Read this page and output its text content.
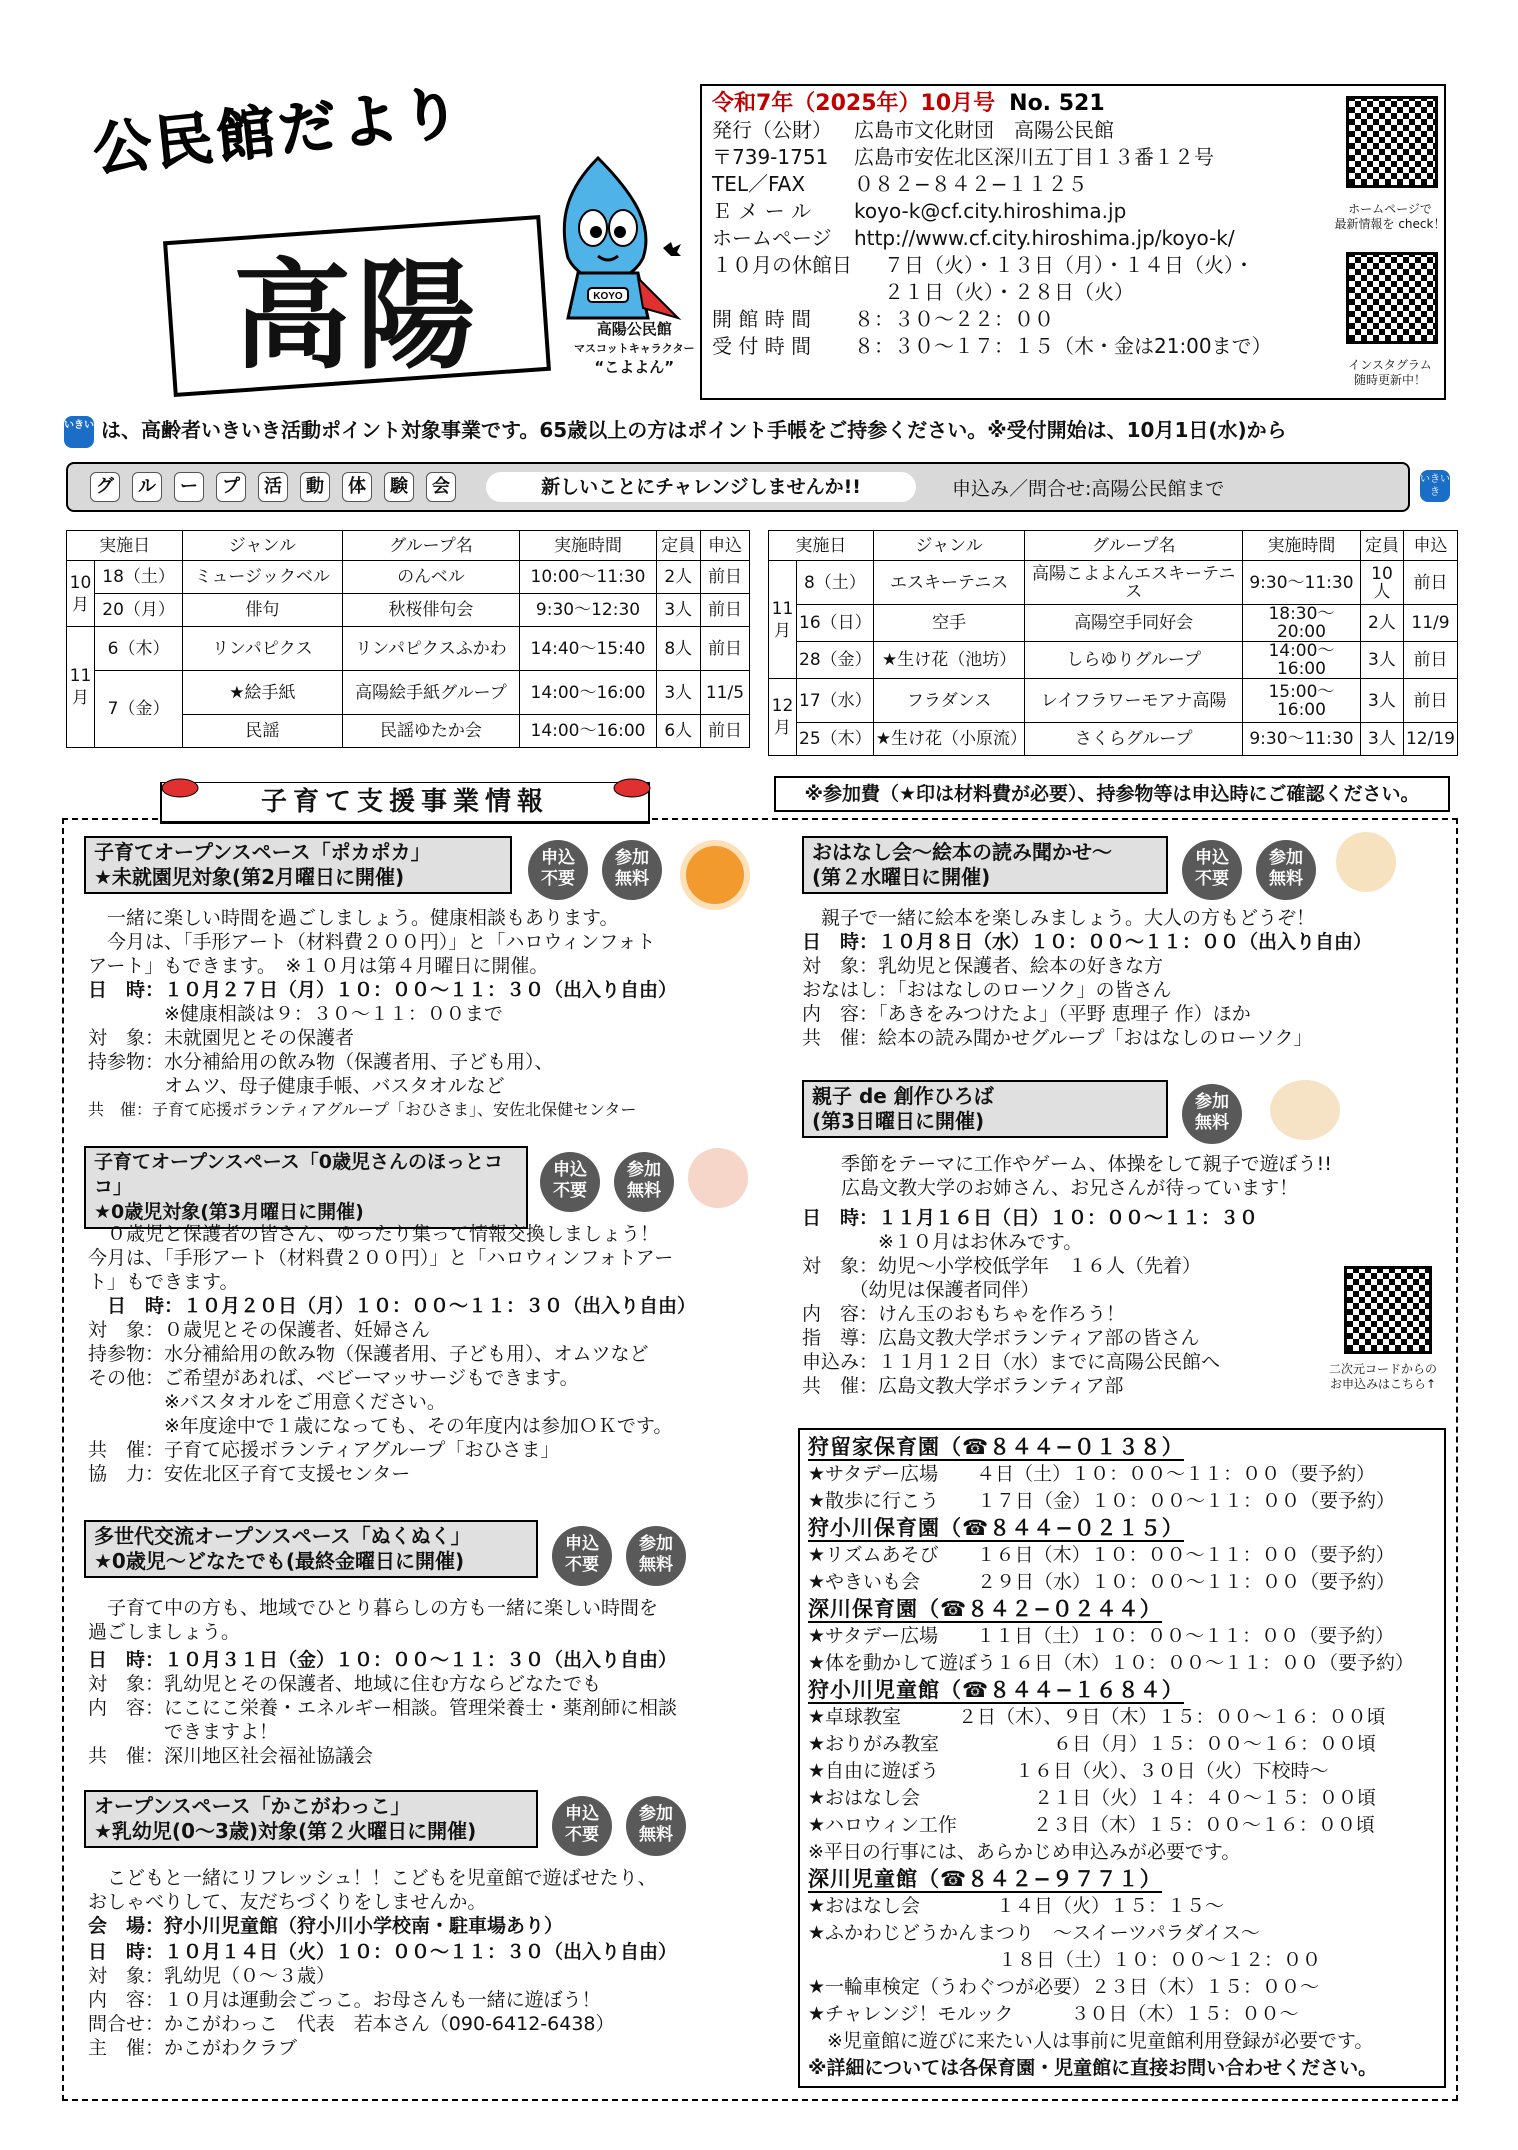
公民館だより
高陽	KOYO
高陽公民館
マスコットキャラクター
“こよよん”
令和7年（2025年）10月号 No. 521
発行（公財）	広島市文化財団　高陽公民館
〒739-1751	広島市安佐北区深川五丁目１３番１２号
TEL／FAX	０８２−８４２−１１２５
Ｅ メ ー ル	koyo-k@cf.city.hiroshima.jp
ホームページ	http://www.cf.city.hiroshima.jp/koyo-k/
１０月の休館日	７日（火）・１３日（月）・１４日（火）・
２１日（火）・２８日（火）
開 館 時 間	８：３０〜２２：００
受 付 時 間	８：３０〜１７：１５（木・金は21:00まで）
ホームページで
最新情報を check！
インスタグラム
随時更新中！
いきいき は、高齢者いきいき活動ポイント対象事業です。65歳以上の方はポイント手帳をご持参ください。※受付開始は、10月1日(水)から
グ	ル	ー	プ	活	動	体	験	会	新しいことにチャレンジしませんか!!	申込み／問合せ:高陽公民館まで	いきいき
実施日		ジャンル	グループ名	実施時間	定員	申込
10月	18（土）	ミュージックベル	のんベル	10:00〜11:30	2人	前日
	20（月）	俳句	秋桜俳句会	9:30〜12:30	3人	前日
11月	6（木）	リンパピクス	リンパピクスふかわ	14:40〜15:40	8人	前日
	7（金）	★絵手紙	高陽絵手紙グループ	14:00〜16:00	3人	11/5
		民謡	民謡ゆたか会	14:00〜16:00	6人	前日
実施日		ジャンル	グループ名	実施時間	定員	申込
11月	8（土）	エスキーテニス	高陽こよよんエスキーテニス	9:30〜11:30	10人	前日
	16（日）	空手	高陽空手同好会	18:30〜20:00	2人	11/9
	28（金）	★生け花（池坊）	しらゆりグループ	14:00〜16:00	3人	前日
12月	17（水）	フラダンス	レイフラワーモアナ高陽	15:00〜16:00	3人	前日
	25（木）	★生け花（小原流）	さくらグループ	9:30〜11:30	3人	12/19
※参加費（★印は材料費が必要）、持参物等は申込時にご確認ください。
子育て支援事業情報
子育てオープンスペース「ポカポカ」
★未就園児対象(第2月曜日に開催)
申込
不要
参加
無料

　一緒に楽しい時間を過ごしましょう。健康相談もあります。

　今月は、「手形アート（材料費２００円）」と「ハロウィンフォト

アート」もできます。　※１０月は第４月曜日に開催。

日　時：１０月２７日（月）１０：００〜１１：３０（出入り自由）

　　　　※健康相談は９：３０〜１１：００まで

対　象：未就園児とその保護者

持参物：水分補給用の飲み物（保護者用、子ども用）、

　　　　オムツ、母子健康手帳、バスタオルなど

共　催：子育て応援ボランティアグループ「おひさま」、安佐北保健センター

子育てオープンスペース「0歳児さんのほっとココ」
★0歳児対象(第3月曜日に開催)
申込
不要
参加
無料

　０歳児と保護者の皆さん、ゆったり集って情報交換しましょう！

今月は、「手形アート（材料費２００円）」と「ハロウィンフォトアー

ト」もできます。

　日　時：１０月２０日（月）１０：００〜１１：３０（出入り自由）

対　象：０歳児とその保護者、妊婦さん

持参物：水分補給用の飲み物（保護者用、子ども用）、オムツなど

その他：ご希望があれば、ベビーマッサージもできます。

　　　　※バスタオルをご用意ください。

　　　　※年度途中で１歳になっても、その年度内は参加ＯＫです。

共　催：子育て応援ボランティアグループ「おひさま」

協　力：安佐北区子育て支援センター

多世代交流オープンスペース「ぬくぬく」
★0歳児〜どなたでも(最終金曜日に開催)
申込
不要
参加
無料

　子育て中の方も、地域でひとり暮らしの方も一緒に楽しい時間を

過ごしましょう。

日　時：１０月３１日（金）１０：００〜１１：３０（出入り自由）

対　象：乳幼児とその保護者、地域に住む方ならどなたでも

内　容：にこにこ栄養・エネルギー相談。管理栄養士・薬剤師に相談

　　　　できますよ！

共　催：深川地区社会福祉協議会

オープンスペース「かこがわっこ」
★乳幼児(0〜3歳)対象(第２火曜日に開催)
申込
不要
参加
無料

　こどもと一緒にリフレッシュ！！こどもを児童館で遊ばせたり、

おしゃべりして、友だちづくりをしませんか。

会　場：狩小川児童館（狩小川小学校南・駐車場あり）

日　時：１０月１４日（火）１０：００〜１１：３０（出入り自由）

対　象：乳幼児（０〜３歳）

内　容：１０月は運動会ごっこ。お母さんも一緒に遊ぼう！

問合せ：かこがわっこ　代表　若本さん（090-6412-6438）

主　催：かこがわクラブ

おはなし会〜絵本の読み聞かせ〜
(第２水曜日に開催)
申込
不要
参加
無料

　親子で一緒に絵本を楽しみましょう。大人の方もどうぞ！

日　時：１０月８日（水）１０：００〜１１：００（出入り自由）

対　象：乳幼児と保護者、絵本の好きな方

おなはし：「おはなしのローソク」の皆さん

内　容：「あきをみつけたよ」（平野 恵理子 作）ほか

共　催：絵本の読み聞かせグループ「おはなしのローソク」

親子 de 創作ひろば
(第3日曜日に開催)
参加
無料

　季節をテーマに工作やゲーム、体操をして親子で遊ぼう!!

　広島文教大学のお姉さん、お兄さんが待っています！

日　時：１１月１６日（日）１０：００〜１１：３０

　　　　※１０月はお休みです。

対　象：幼児〜小学校低学年　１６人（先着）

　　　（幼児は保護者同伴）

内　容：けん玉のおもちゃを作ろう！

指　導：広島文教大学ボランティア部の皆さん

申込み：１１月１２日（水）までに高陽公民館へ

共　催：広島文教大学ボランティア部

二次元コードからの
お申込みはこちら↑
狩留家保育園（☎８４４−０１３８）
★サタデー広場　　４日（土）１０：００〜１１：００（要予約）
★散歩に行こう　　１７日（金）１０：００〜１１：００（要予約）
狩小川保育園（☎８４４−０２１５）
★リズムあそび　　１６日（木）１０：００〜１１：００（要予約）
★やきいも会　　　２９日（水）１０：００〜１１：００（要予約）
深川保育園（☎８４２−０２４４）
★サタデー広場　　１１日（土）１０：００〜１１：００（要予約）
★体を動かして遊ぼう１６日（木）１０：００〜１１：００（要予約）
狩小川児童館（☎８４４−１６８４）
★卓球教室　　　２日（木）、９日（木）１５：００〜１６：００頃
★おりがみ教室　　　　　　６日（月）１５：００〜１６：００頃
★自由に遊ぼう　　　　１６日（火）、３０日（火）下校時〜
★おはなし会　　　　　　２１日（火）１４：４０〜１５：００頃
★ハロウィン工作　　　　２３日（木）１５：００〜１６：００頃
※平日の行事には、あらかじめ申込みが必要です。
深川児童館（☎８４２−９７７１）
★おはなし会　　　　１４日（火）１５：１５〜
★ふかわじどうかんまつり　〜スイーツパラダイス〜
　　　　　　　　　　１８日（土）１０：００〜１２：００
★一輪車検定（うわぐつが必要）２３日（木）１５：００〜
★チャレンジ！モルック　　　３０日（木）１５：００〜
　※児童館に遊びに来たい人は事前に児童館利用登録が必要です。
※詳細については各保育園・児童館に直接お問い合わせください。
